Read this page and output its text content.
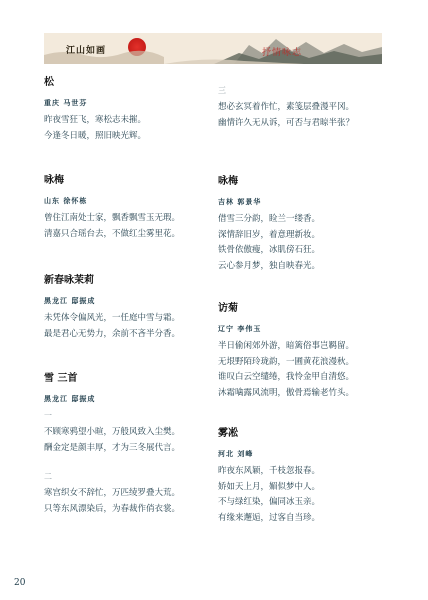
江山如画	抒情咏志
松
重庆 马世芬
昨夜雪狂飞，寒松志未摧。
今逢冬日暖，照旧映光辉。
咏梅
山东 徐怀栋
曾住江南处士家，飘香飘雪玉无瑕。
清嘉只合瑶台去，不做红尘雾里花。
新春咏茉莉
黑龙江 邸振成
未凭体令偏风光，一任庭中雪与霜。
最是君心无势力，余前不吝半分香。
雪 三首
黑龙江 邸振成
一
不顾寒鸦望小暄，万般风致入尘樊。
酬金定是颜丰厚，才为三冬展代言。
二
寒宫织女不辞忙，万匹绫罗叠大荒。
只等东风漂染后，为春裁作俏衣裳。
三
想必玄冥着作忙，素笺层叠漫平冈。
幽情许久无从诉，可否与君晾半张？
咏梅
吉林 郭景华
借雪三分韵，睑兰一缕香。
深情辞旧岁，着意理新妆。
铁骨依傲瘦，冰肌傍石狂。
云心参月梦，独自映春光。
访菊
辽宁 李伟玉
半日偷闲郊外游，暗篱俗事岂羁留。
无垠野陌玲珑韵，一圃黄花浪漫秋。
谁叹白云空缱绻，我怜金甲自清悠。
沐霜噙露风流明，傲骨焉输老竹头。
雾凇
河北 刘峰
昨夜东风颖，千枝忽报春。
娇如天上月，媚似梦中人。
不与绿红染，偏同冰玉亲。
有缘来邂逅，过客自当珍。
20
